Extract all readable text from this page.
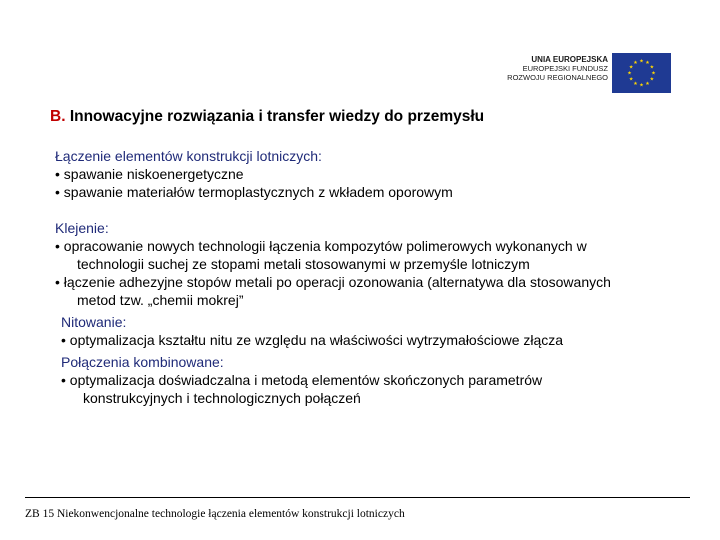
UNIA EUROPEJSKA
EUROPEJSKI FUNDUSZ
ROZWOJU REGIONALNEGO
★ ★
★
★
★
★
★
★
★
★
★
★
B. Innowacyjne rozwiązania i transfer wiedzy do przemysłu
Łączenie elementów konstrukcji lotniczych:
• spawanie niskoenergetyczne
• spawanie materiałów termoplastycznych z wkładem oporowym
Klejenie:
• opracowanie nowych technologii łączenia kompozytów polimerowych wykonanych w technologii suchej ze stopami metali stosowanymi w przemyśle lotniczym
• łączenie adhezyjne stopów metali po operacji ozonowania (alternatywa dla stosowanych metod tzw. „chemii mokrej”
Nitowanie:
• optymalizacja kształtu nitu ze względu na właściwości wytrzymałościowe złącza
Połączenia kombinowane:
• optymalizacja doświadczalna i metodą elementów skończonych parametrów konstrukcyjnych i technologicznych połączeń
ZB 15 Niekonwencjonalne technologie łączenia elementów konstrukcji lotniczych
